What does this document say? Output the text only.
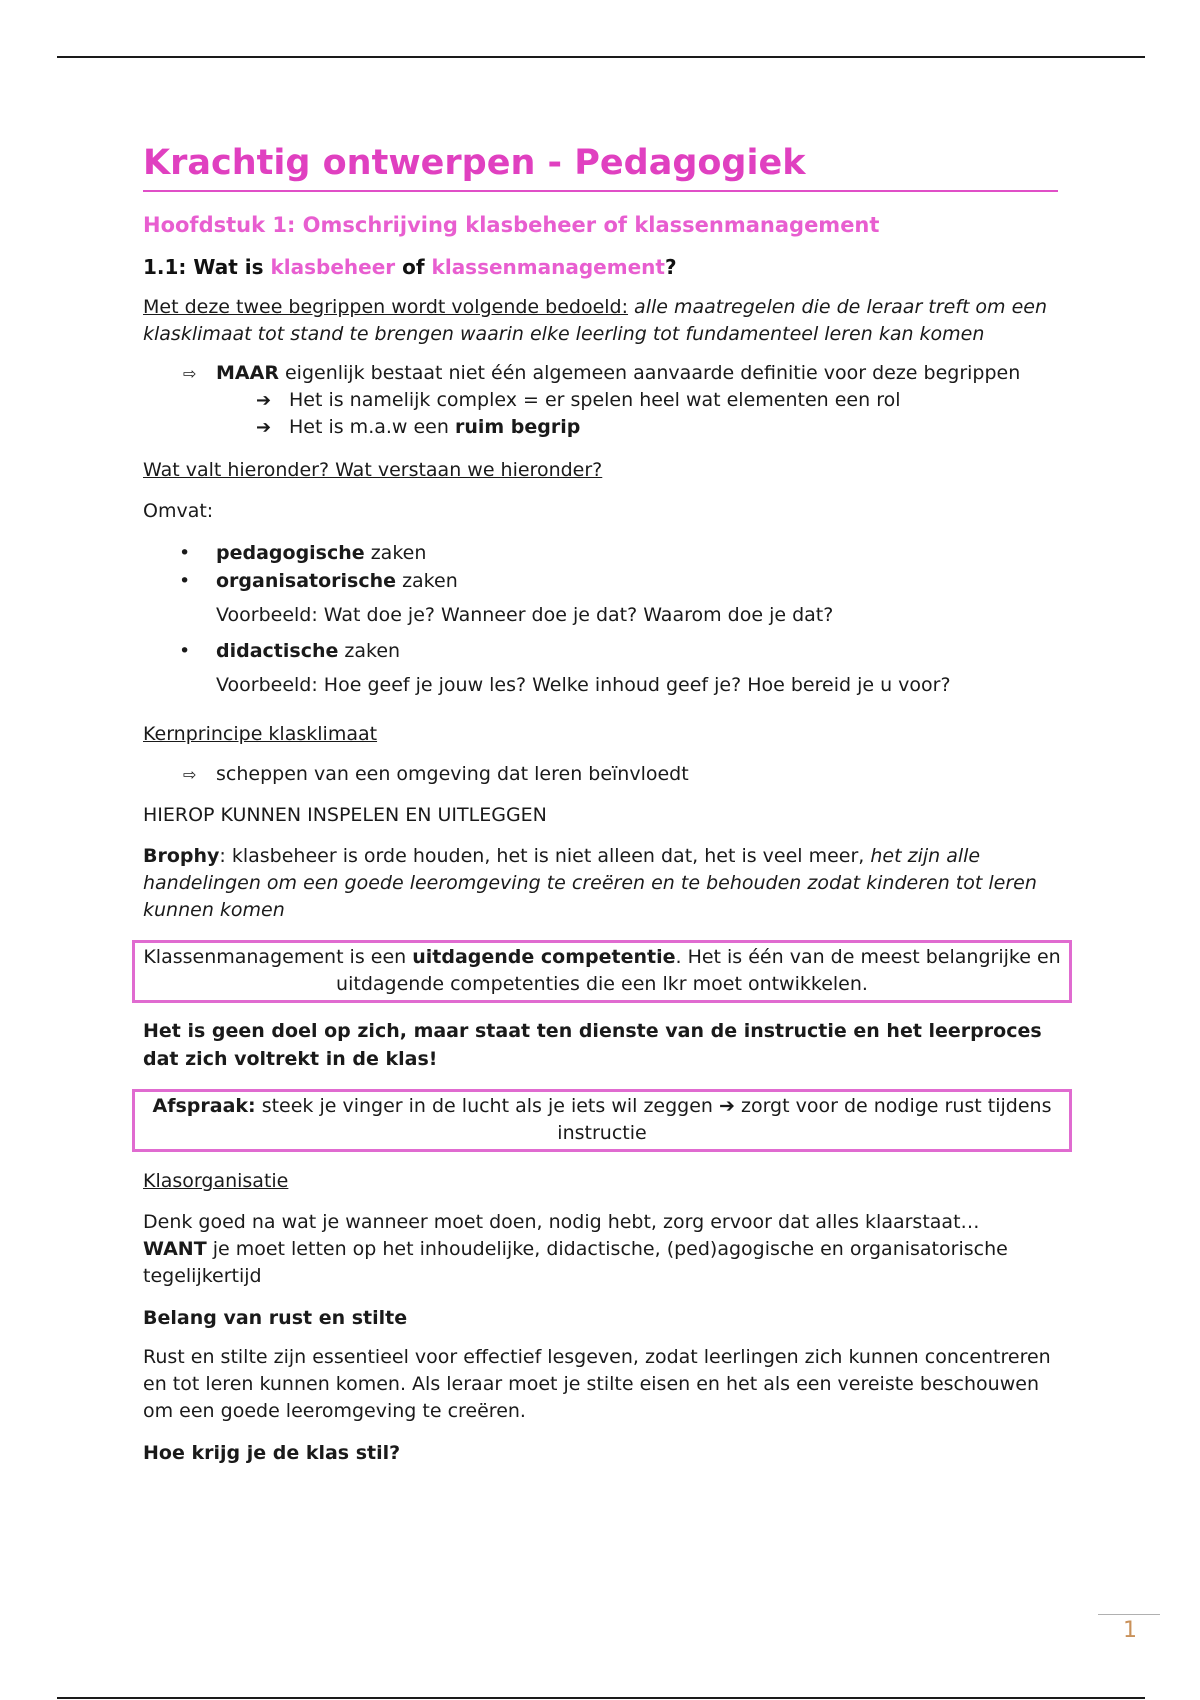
Krachtig ontwerpen - Pedagogiek
Hoofdstuk 1: Omschrijving klasbeheer of klassenmanagement
1.1: Wat is klasbeheer of klassenmanagement?

Met deze twee begrippen wordt volgende bedoeld: alle maatregelen die de leraar treft om een klasklimaat tot stand te brengen waarin elke leerling tot fundamenteel leren kan komen

⇨	MAAR eigenlijk bestaat niet één algemeen aanvaarde definitie voor deze begrippen
➔ Het is namelijk complex = er spelen heel wat elementen een rol
➔ Het is m.a.w een ruim begrip

Wat valt hieronder? Wat verstaan we hieronder?

Omvat:

•	pedagogische zaken
•	organisatorische zaken
Voorbeeld: Wat doe je? Wanneer doe je dat? Waarom doe je dat?
•	didactische zaken
Voorbeeld: Hoe geef je jouw les? Welke inhoud geef je? Hoe bereid je u voor?

Kernprincipe klasklimaat

⇨	scheppen van een omgeving dat leren beïnvloedt

HIEROP KUNNEN INSPELEN EN UITLEGGEN

Brophy: klasbeheer is orde houden, het is niet alleen dat, het is veel meer, het zijn alle handelingen om een goede leeromgeving te creëren en te behouden zodat kinderen tot leren kunnen komen

Klassenmanagement is een uitdagende competentie. Het is één van de meest belangrijke en uitdagende competenties die een lkr moet ontwikkelen.
Het is geen doel op zich, maar staat ten dienste van de instructie en het leerproces dat zich voltrekt in de klas!
Afspraak: steek je vinger in de lucht als je iets wil zeggen ➔ zorgt voor de nodige rust tijdens instructie

Klasorganisatie

Denk goed na wat je wanneer moet doen, nodig hebt, zorg ervoor dat alles klaarstaat…
WANT je moet letten op het inhoudelijke, didactische, (ped)agogische en organisatorische tegelijkertijd

Belang van rust en stilte

Rust en stilte zijn essentieel voor effectief lesgeven, zodat leerlingen zich kunnen concentreren en tot leren kunnen komen. Als leraar moet je stilte eisen en het als een vereiste beschouwen om een goede leeromgeving te creëren.

Hoe krijg je de klas stil?
1
